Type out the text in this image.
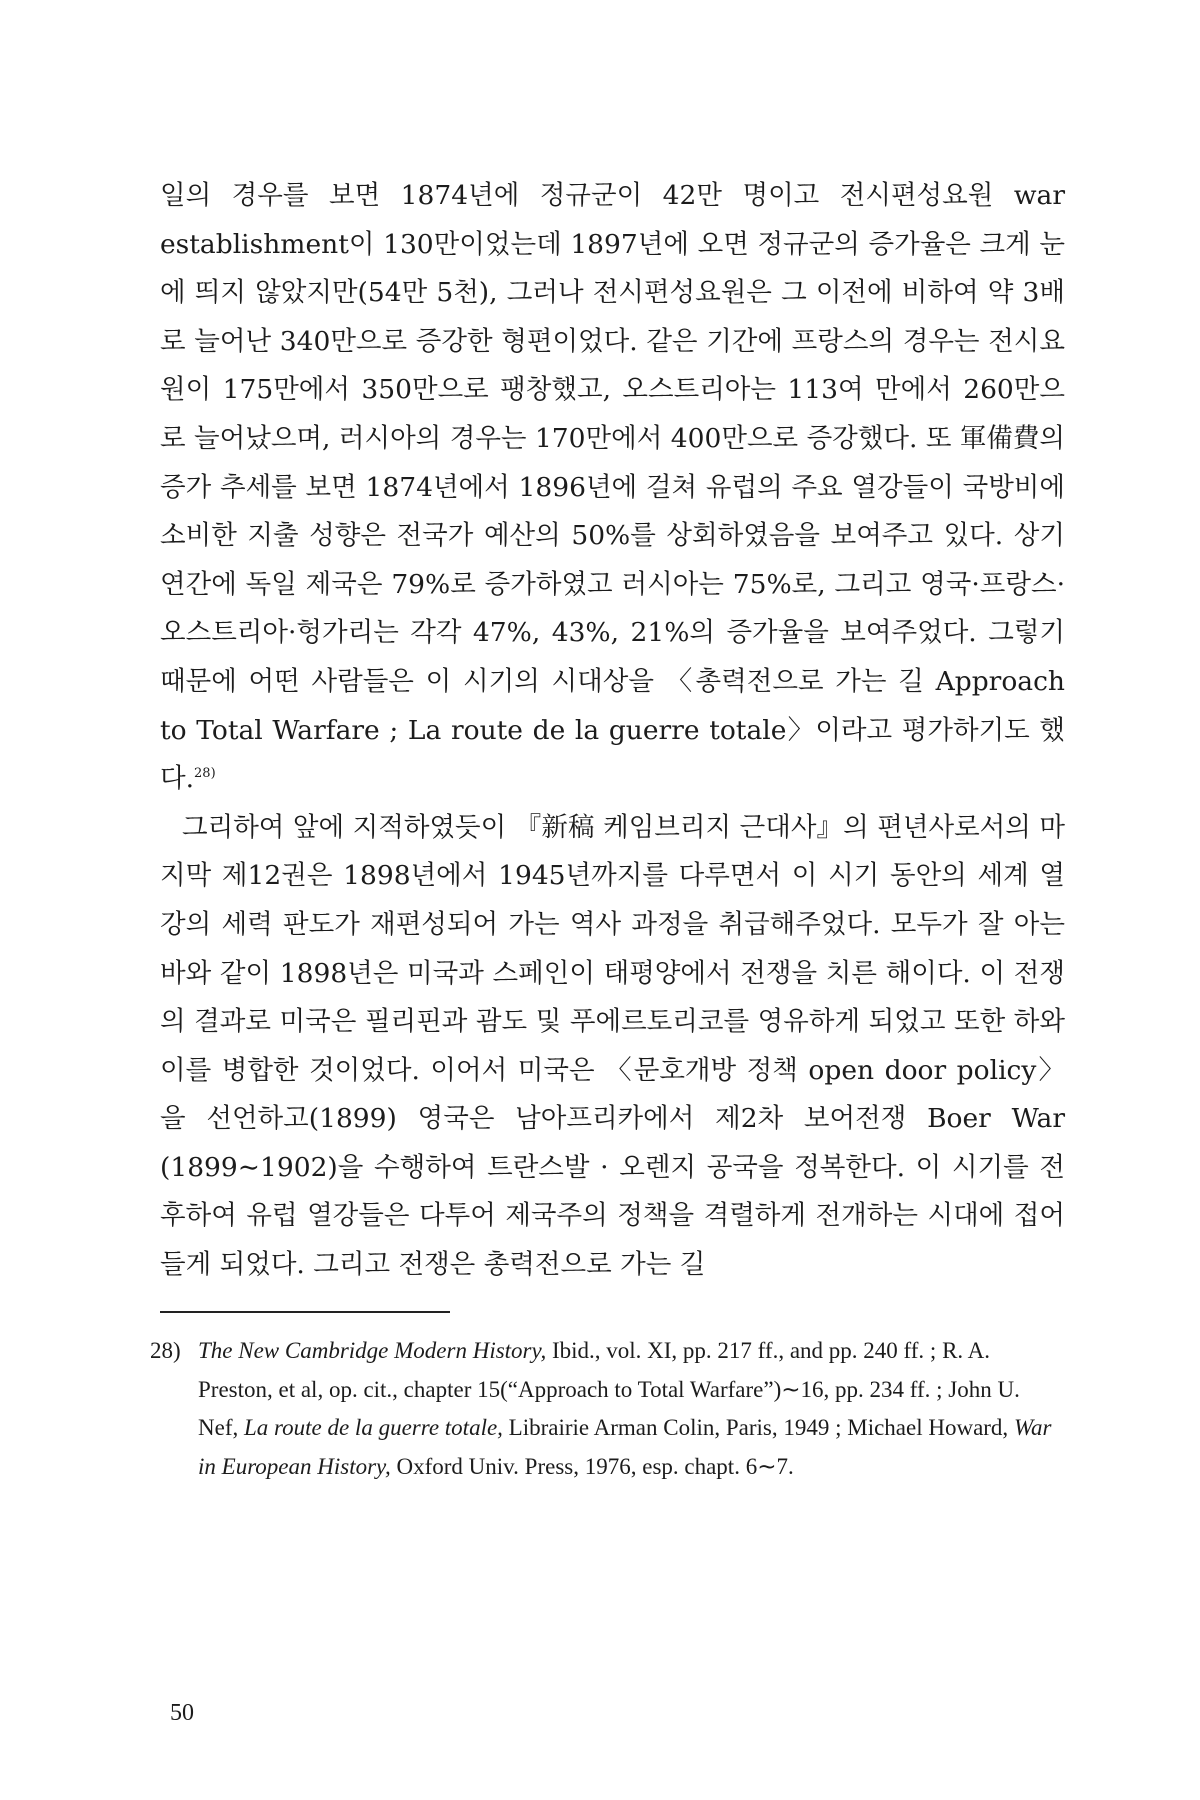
일의 경우를 보면 1874년에 정규군이 42만 명이고 전시편성요원 war establishment이 130만이었는데 1897년에 오면 정규군의 증가율은 크게 눈에 띄지 않았지만(54만 5천), 그러나 전시편성요원은 그 이전에 비하여 약 3배로 늘어난 340만으로 증강한 형편이었다. 같은 기간에 프랑스의 경우는 전시요원이 175만에서 350만으로 팽창했고, 오스트리아는 113여 만에서 260만으로 늘어났으며, 러시아의 경우는 170만에서 400만으로 증강했다. 또 軍備費의 증가 추세를 보면 1874년에서 1896년에 걸쳐 유럽의 주요 열강들이 국방비에 소비한 지출 성향은 전국가 예산의 50%를 상회하였음을 보여주고 있다. 상기 연간에 독일 제국은 79%로 증가하였고 러시아는 75%로, 그리고 영국·프랑스·오스트리아·헝가리는 각각 47%, 43%, 21%의 증가율을 보여주었다. 그렇기 때문에 어떤 사람들은 이 시기의 시대상을 〈총력전으로 가는 길 Approach to Total Warfare ; La route de la guerre totale〉이라고 평가하기도 했다.$^{28)}$

그리하여 앞에 지적하였듯이 『新稿 케임브리지 근대사』의 편년사로서의 마지막 제12권은 1898년에서 1945년까지를 다루면서 이 시기 동안의 세계 열강의 세력 판도가 재편성되어 가는 역사 과정을 취급해주었다. 모두가 잘 아는 바와 같이 1898년은 미국과 스페인이 태평양에서 전쟁을 치른 해이다. 이 전쟁의 결과로 미국은 필리핀과 괌도 및 푸에르토리코를 영유하게 되었고 또한 하와이를 병합한 것이었다. 이어서 미국은 〈문호개방 정책 open door policy〉을 선언하고(1899) 영국은 남아프리카에서 제2차 보어전쟁 Boer War (1899∼1902)을 수행하여 트란스발 · 오렌지 공국을 정복한다. 이 시기를 전후하여 유럽 열강들은 다투어 제국주의 정책을 격렬하게 전개하는 시대에 접어들게 되었다. 그리고 전쟁은 총력전으로 가는 길

28) The New Cambridge Modern History, Ibid., vol. XI, pp. 217 ff., and pp. 240 ff. ; R. A. Preston, et al, op. cit., chapter 15(“Approach to Total Warfare”)∼16, pp. 234 ff. ; John U. Nef, La route de la guerre totale, Librairie Arman Colin, Paris, 1949 ; Michael Howard, War in European History, Oxford Univ. Press, 1976, esp. chapt. 6∼7.
50
